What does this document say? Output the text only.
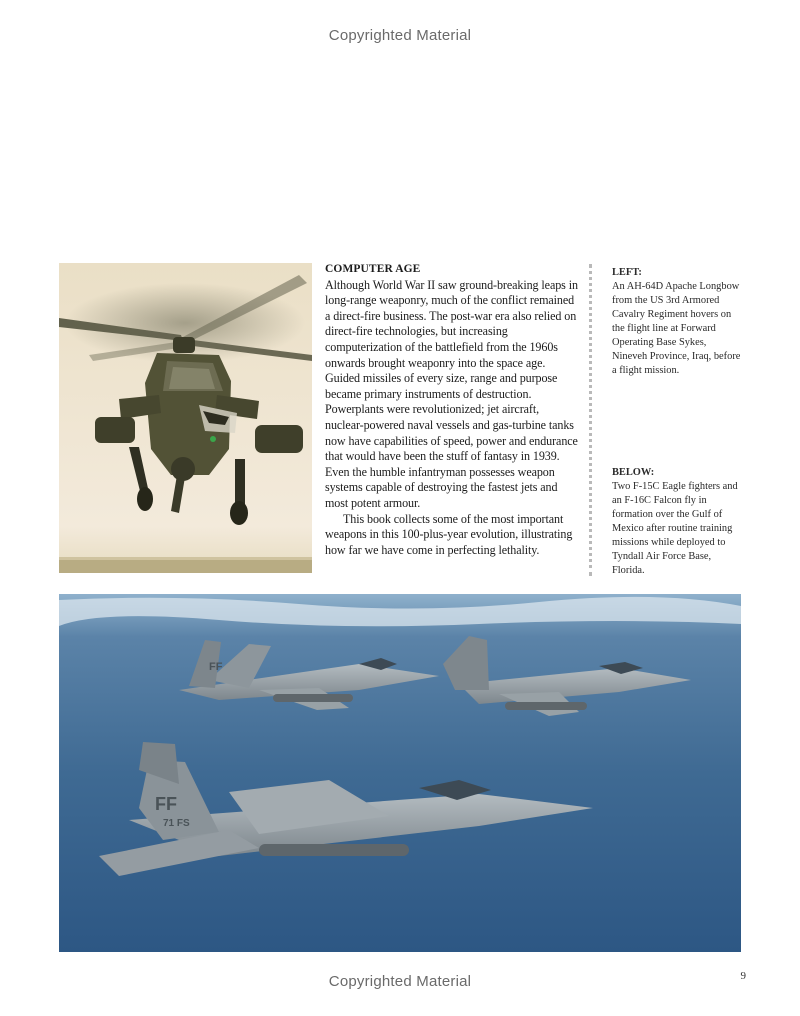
Copyrighted Material
COMPUTER AGE

Although World War II saw ground-breaking leaps in long-range weaponry, much of the conflict remained a direct-fire business. The post-war era also relied on direct-fire technologies, but increasing computerization of the battlefield from the 1960s onwards brought weaponry into the space age. Guided missiles of every size, range and purpose became primary instruments of destruction. Powerplants were revolutionized; jet aircraft, nuclear-powered naval vessels and gas-turbine tanks now have capabilities of speed, power and endurance that would have been the stuff of fantasy in 1939. Even the humble infantryman possesses weapon systems capable of destroying the fastest jets and most potent armour.

This book collects some of the most important weapons in this 100-plus-year evolution, illustrating how far we have come in perfecting lethality.

LEFT:
An AH-64D Apache Longbow from the US 3rd Armored Cavalry Regiment hovers on the flight line at Forward Operating Base Sykes, Nineveh Province, Iraq, before a flight mission.
BELOW:
Two F-15C Eagle fighters and an F-16C Falcon fly in formation over the Gulf of Mexico after routine training missions while deployed to Tyndall Air Force Base, Florida.
FF
FF
71 FS
9
Copyrighted Material
